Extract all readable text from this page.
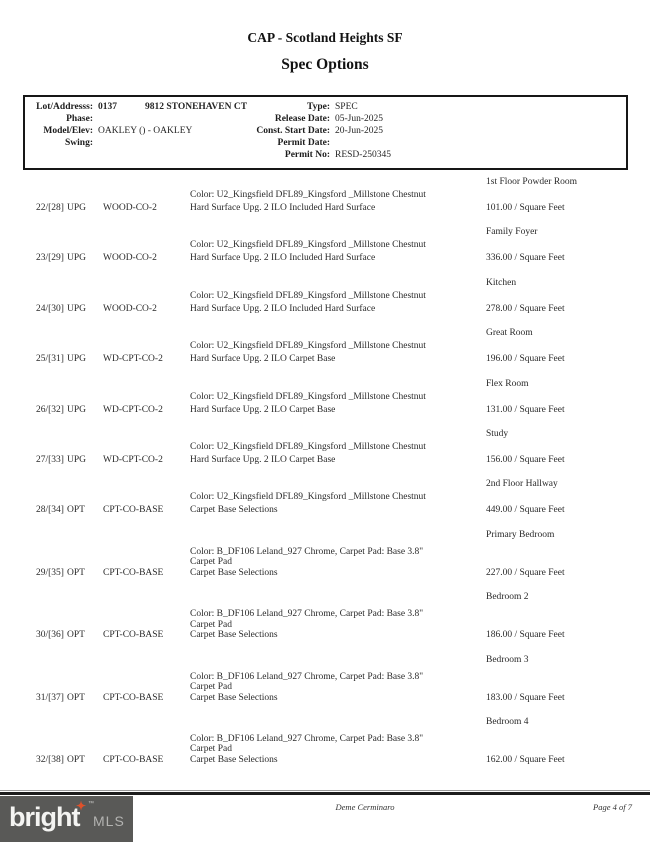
CAP - Scotland Heights SF
Spec Options
Lot/Addresss: 0137	9812 STONEHAVEN CT
Phase:
Model/Elev: OAKLEY () - OAKLEY
Swing:
Type: SPEC
Release Date: 05-Jun-2025
Const. Start Date: 20-Jun-2025
Permit Date:
Permit No: RESD-250345
1st Floor Powder Room
Color: U2_Kingsfield DFL89_Kingsford _Millstone Chestnut
Hard Surface Upg. 2 ILO Included Hard Surface
22/[28] UPG WOOD-CO-2	101.00 / Square Feet
Family Foyer
Color: U2_Kingsfield DFL89_Kingsford _Millstone Chestnut
Hard Surface Upg. 2 ILO Included Hard Surface
23/[29] UPG WOOD-CO-2	336.00 / Square Feet
Kitchen
Color: U2_Kingsfield DFL89_Kingsford _Millstone Chestnut
Hard Surface Upg. 2 ILO Included Hard Surface
24/[30] UPG WOOD-CO-2	278.00 / Square Feet
Great Room
Color: U2_Kingsfield DFL89_Kingsford _Millstone Chestnut
Hard Surface Upg. 2 ILO Carpet Base
25/[31] UPG WD-CPT-CO-2	196.00 / Square Feet
Flex Room
Color: U2_Kingsfield DFL89_Kingsford _Millstone Chestnut
Hard Surface Upg. 2 ILO Carpet Base
26/[32] UPG WD-CPT-CO-2	131.00 / Square Feet
Study
Color: U2_Kingsfield DFL89_Kingsford _Millstone Chestnut
Hard Surface Upg. 2 ILO Carpet Base
27/[33] UPG WD-CPT-CO-2	156.00 / Square Feet
2nd Floor Hallway
Color: U2_Kingsfield DFL89_Kingsford _Millstone Chestnut
Carpet Base Selections
28/[34] OPT CPT-CO-BASE	449.00 / Square Feet
Primary Bedroom
Color: B_DF106 Leland_927 Chrome, Carpet Pad: Base 3.8"
Carpet Pad
Carpet Base Selections
29/[35] OPT CPT-CO-BASE	227.00 / Square Feet
Bedroom 2
Color: B_DF106 Leland_927 Chrome, Carpet Pad: Base 3.8"
Carpet Pad
Carpet Base Selections
30/[36] OPT CPT-CO-BASE	186.00 / Square Feet
Bedroom 3
Color: B_DF106 Leland_927 Chrome, Carpet Pad: Base 3.8"
Carpet Pad
Carpet Base Selections
31/[37] OPT CPT-CO-BASE	183.00 / Square Feet
Bedroom 4
Color: B_DF106 Leland_927 Chrome, Carpet Pad: Base 3.8"
Carpet Pad
Carpet Base Selections
32/[38] OPT CPT-CO-BASE	162.00 / Square Feet
bright
✦ ™
MLS
Deme Cerminaro	Page 4 of 7
